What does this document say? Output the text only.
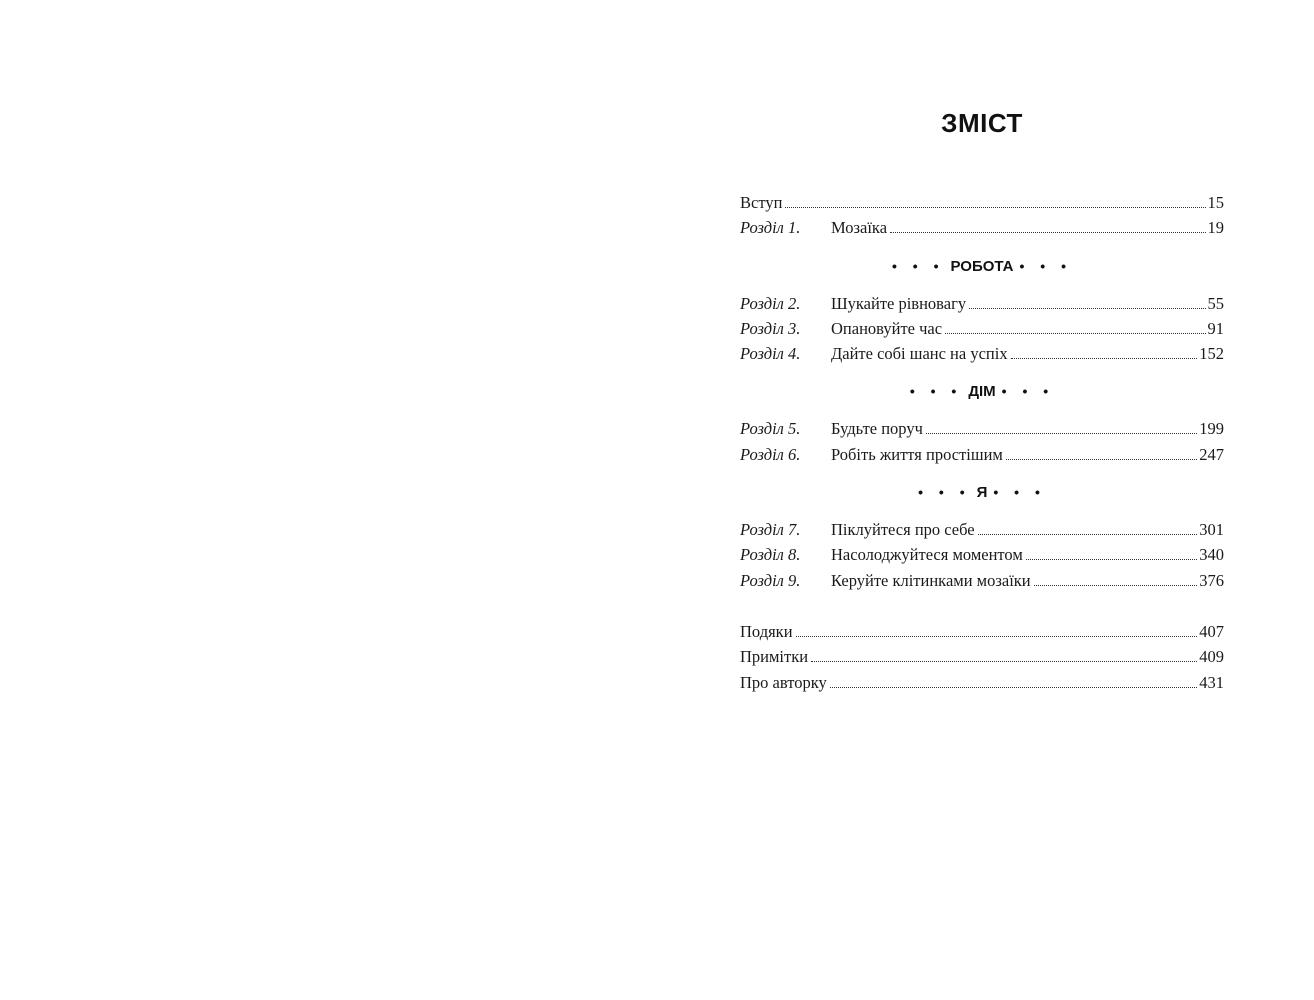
ЗМІСТ
Вступ	15
Розділ 1.	Мозаїка	19
• • • РОБОТА • • •
Розділ 2.	Шукайте рівновагу	55
Розділ 3.	Опановуйте час	91
Розділ 4.	Дайте собі шанс на успіх	152
• • • ДІМ • • •
Розділ 5.	Будьте поруч	199
Розділ 6.	Робіть життя простішим	247
• • • Я • • •
Розділ 7.	Піклуйтеся про себе	301
Розділ 8.	Насолоджуйтеся моментом	340
Розділ 9.	Керуйте клітинками мозаїки	376
Подяки	407
Примітки	409
Про авторку	431
